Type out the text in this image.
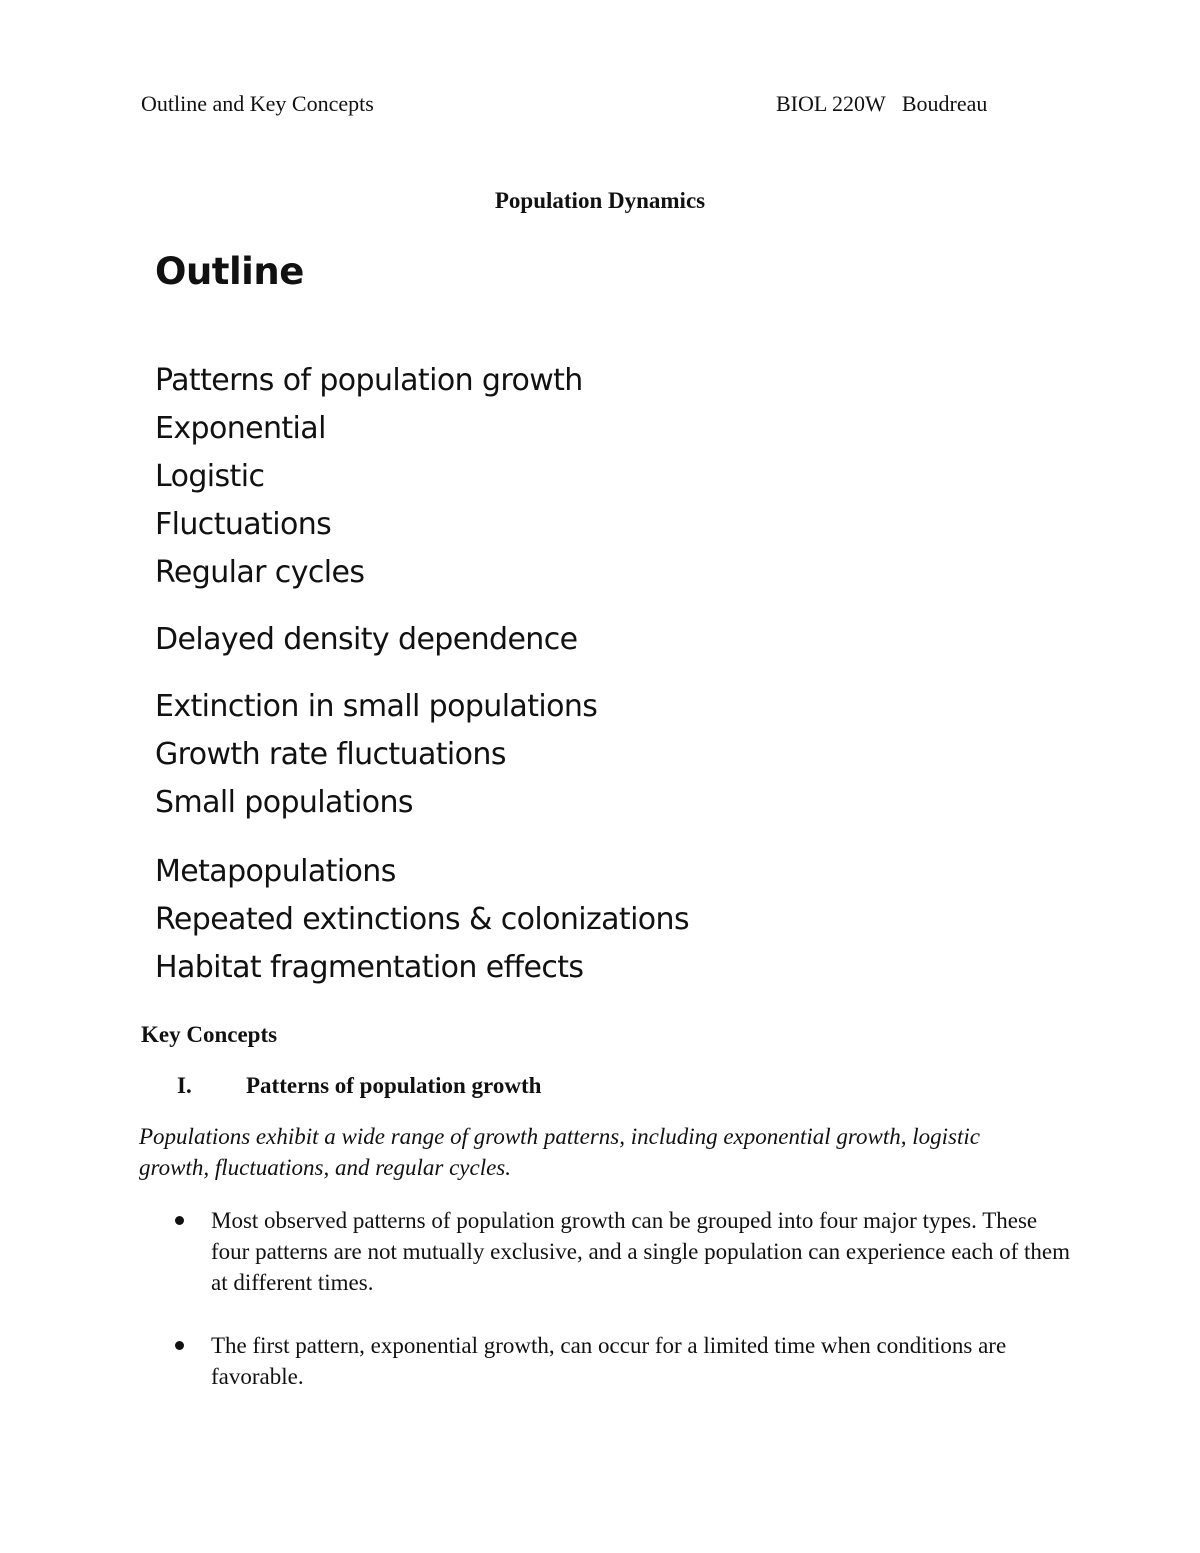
Outline and Key Concepts	BIOL 220W   Boudreau
Population Dynamics
Outline
Patterns of population growth
Exponential
Logistic
Fluctuations
Regular cycles
Delayed density dependence
Extinction in small populations
Growth rate fluctuations
Small populations
Metapopulations
Repeated extinctions & colonizations
Habitat fragmentation effects
Key Concepts
I. Patterns of population growth
Populations exhibit a wide range of growth patterns, including exponential growth, logistic growth, fluctuations, and regular cycles.
Most observed patterns of population growth can be grouped into four major types. These four patterns are not mutually exclusive, and a single population can experience each of them at different times.
The first pattern, exponential growth, can occur for a limited time when conditions are favorable.
